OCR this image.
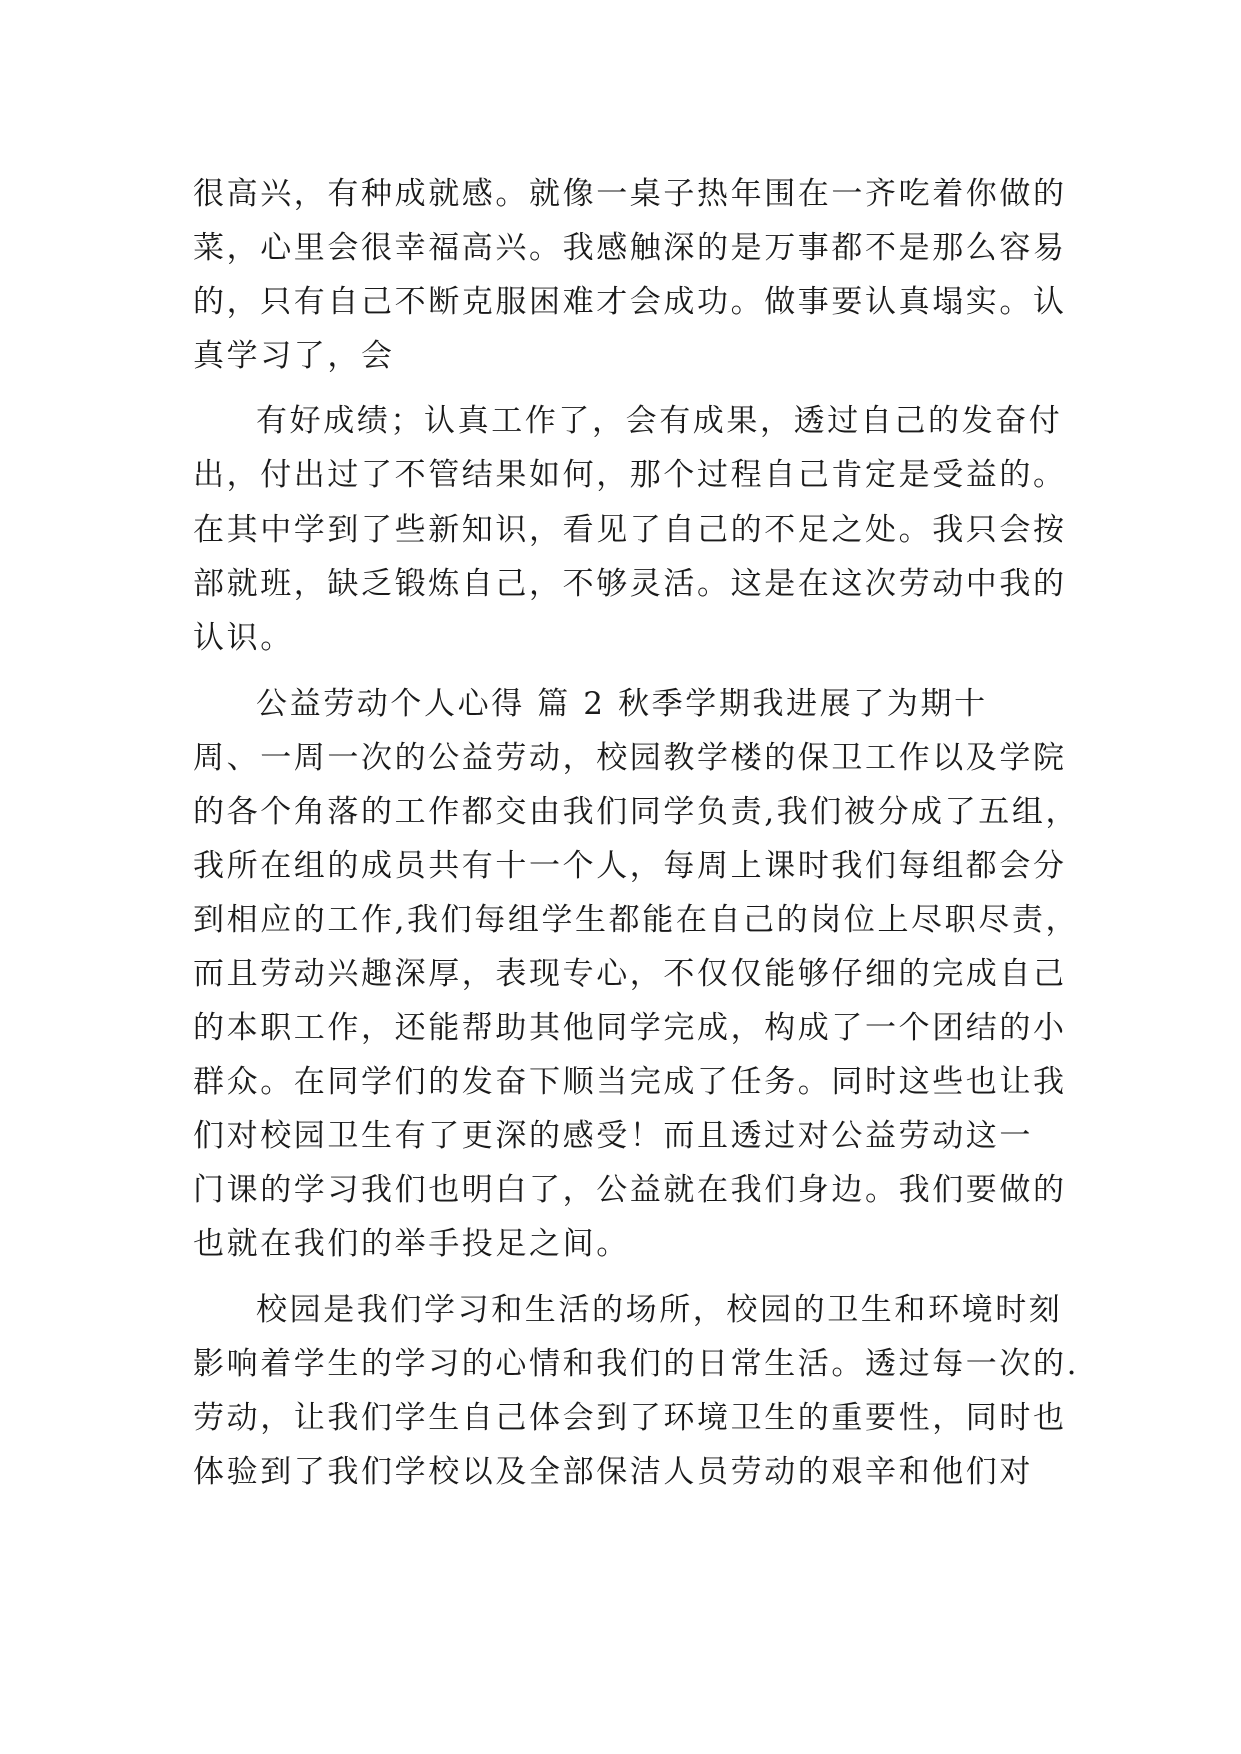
很高兴，有种成就感。就像一桌子热年围在一齐吃着你做的
菜，心里会很幸福高兴。我感触深的是万事都不是那么容易
的，只有自己不断克服困难才会成功。做事要认真塌实。认
真学习了，会
有好成绩；认真工作了，会有成果，透过自己的发奋付
出，付出过了不管结果如何，那个过程自己肯定是受益的。
在其中学到了些新知识，看见了自己的不足之处。我只会按
部就班，缺乏锻炼自己，不够灵活。这是在这次劳动中我的
认识。
公益劳动个人心得 篇 2 秋季学期我进展了为期十
周、一周一次的公益劳动，校园教学楼的保卫工作以及学院
的各个角落的工作都交由我们同学负责,我们被分成了五组，
我所在组的成员共有十一个人，每周上课时我们每组都会分
到相应的工作,我们每组学生都能在自己的岗位上尽职尽责，
而且劳动兴趣深厚，表现专心，不仅仅能够仔细的完成自己
的本职工作，还能帮助其他同学完成，构成了一个团结的小
群众。在同学们的发奋下顺当完成了任务。同时这些也让我
们对校园卫生有了更深的感受！而且透过对公益劳动这一
门课的学习我们也明白了，公益就在我们身边。我们要做的
也就在我们的举手投足之间。
校园是我们学习和生活的场所，校园的卫生和环境时刻
影响着学生的学习的心情和我们的日常生活。透过每一次的.
劳动，让我们学生自己体会到了环境卫生的重要性，同时也
体验到了我们学校以及全部保洁人员劳动的艰辛和他们对
